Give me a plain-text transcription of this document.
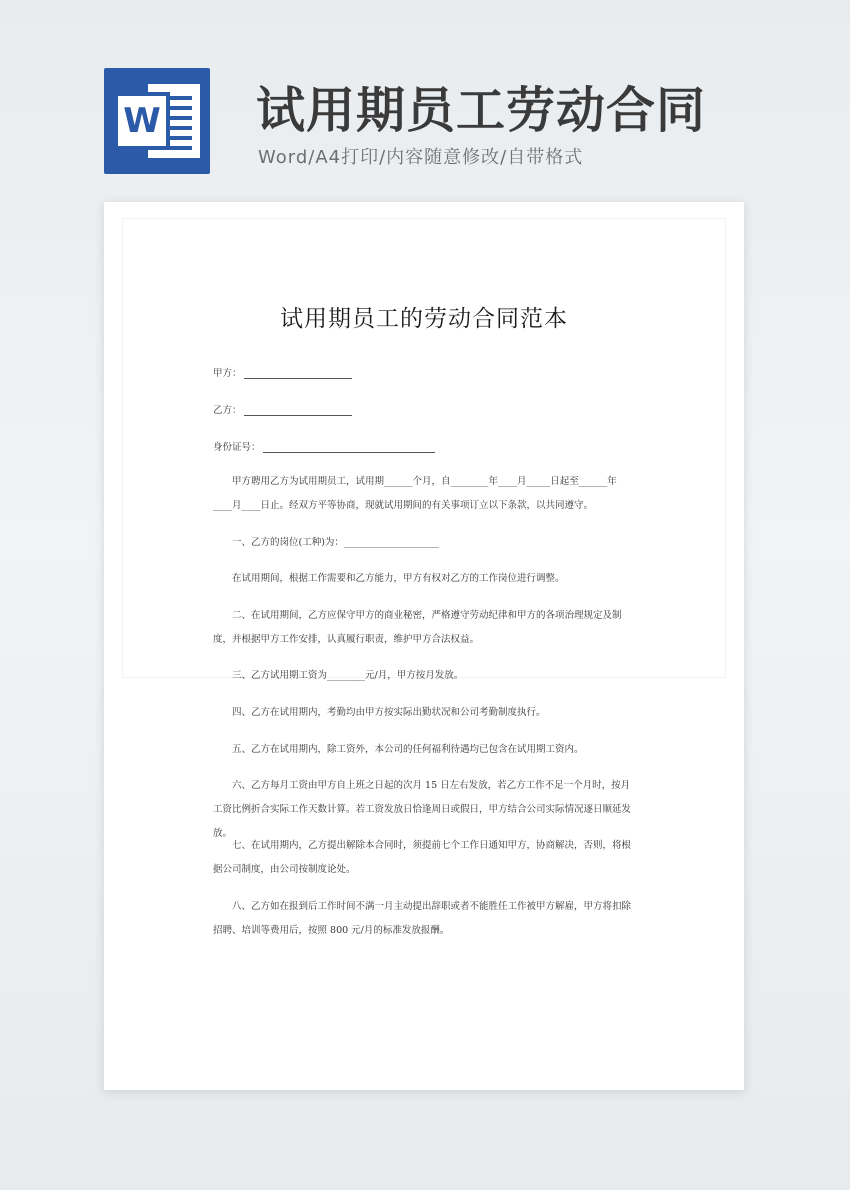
W 试用期员工劳动合同

Word/A4打印/内容随意修改/自带格式

试用期员工的劳动合同范本
甲方：
乙方：
身份证号：

甲方聘用乙方为试用期员工，试用期______个月，自________年____月_____日起至______年____月____日止。经双方平等协商，现就试用期间的有关事项订立以下条款，以共同遵守。

一、乙方的岗位(工种)为：____________________

在试用期间，根据工作需要和乙方能力，甲方有权对乙方的工作岗位进行调整。

二、在试用期间，乙方应保守甲方的商业秘密，严格遵守劳动纪律和甲方的各项治理规定及制度，并根据甲方工作安排，认真履行职责，维护甲方合法权益。

三、乙方试用期工资为________元/月，甲方按月发放。

四、乙方在试用期内，考勤均由甲方按实际出勤状况和公司考勤制度执行。

五、乙方在试用期内，除工资外，本公司的任何福利待遇均已包含在试用期工资内。

六、乙方每月工资由甲方自上班之日起的次月 15 日左右发放，若乙方工作不足一个月时，按月工资比例折合实际工作天数计算。若工资发放日恰逢周日或假日，甲方结合公司实际情况逐日顺延发放。

七、在试用期内，乙方提出解除本合同时，须提前七个工作日通知甲方，协商解决，否则，将根据公司制度，由公司按制度论处。

八、乙方如在报到后工作时间不满一月主动提出辞职或者不能胜任工作被甲方解雇，甲方将扣除招聘、培训等费用后，按照 800 元/月的标准发放报酬。
